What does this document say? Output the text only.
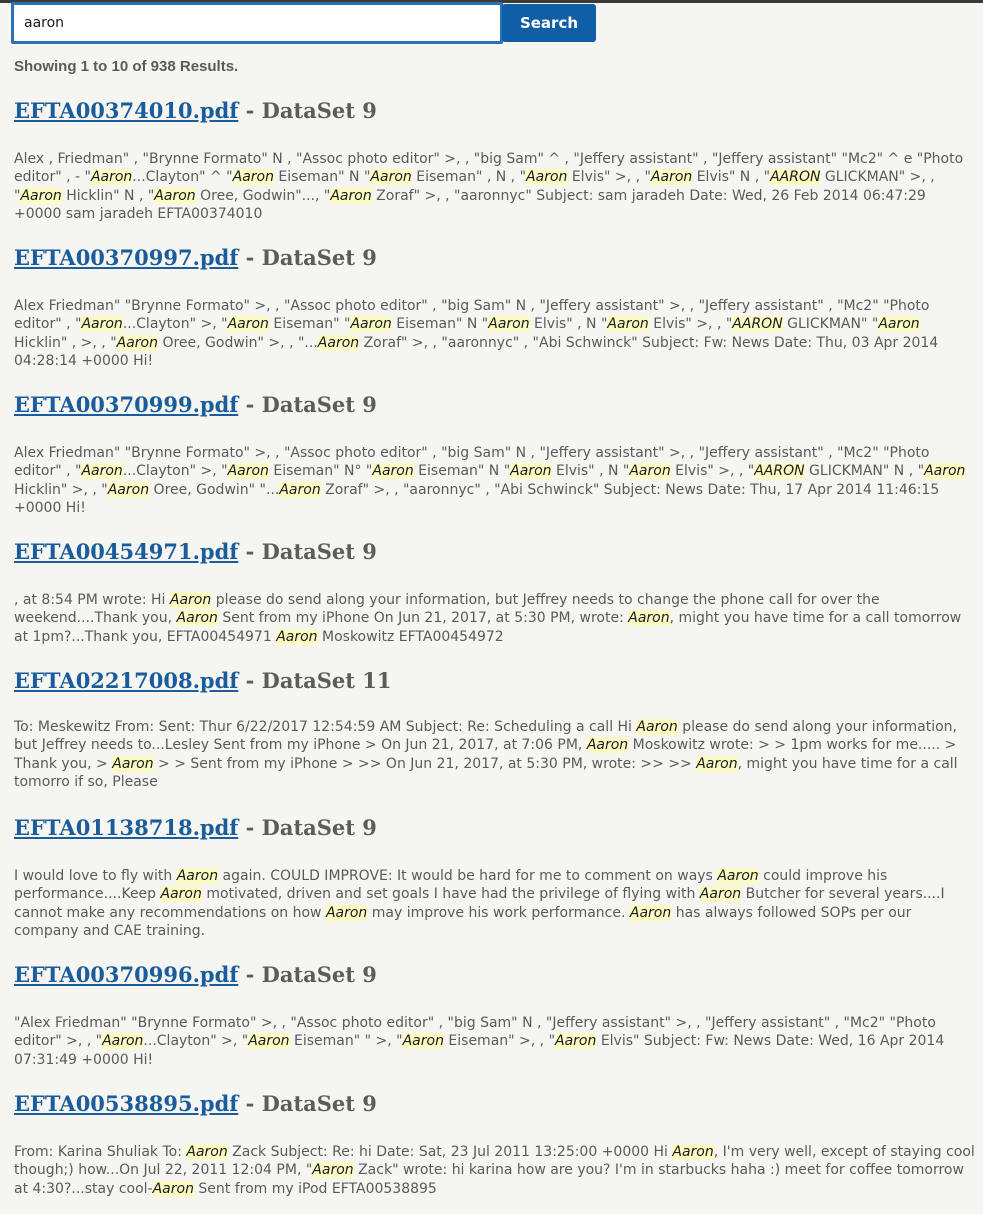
aaron
Search
Showing 1 to 10 of 938 Results.
EFTA00374010.pdf - DataSet 9

Alex , Friedman" , "Brynne Formato" N , "Assoc photo editor" >, , "big Sam" ^ , "Jeffery assistant" , "Jeffery assistant" "Mc2" ^ e "Photo editor" , - "Aaron...Clayton" ^ "Aaron Eiseman" N "Aaron Eiseman" , N , "Aaron Elvis" >, , "Aaron Elvis" N , "AARON GLICKMAN" >, , "Aaron Hicklin" N , "Aaron Oree, Godwin"..., "Aaron Zoraf" >, , "aaronnyc" Subject: sam jaradeh Date: Wed, 26 Feb 2014 06:47:29 +0000 sam jaradeh EFTA00374010

EFTA00370997.pdf - DataSet 9

Alex Friedman" "Brynne Formato" >, , "Assoc photo editor" , "big Sam" N , "Jeffery assistant" >, , "Jeffery assistant" , "Mc2" "Photo editor" , "Aaron...Clayton" >, "Aaron Eiseman" "Aaron Eiseman" N "Aaron Elvis" , N "Aaron Elvis" >, , "AARON GLICKMAN" "Aaron Hicklin" , >, , "Aaron Oree, Godwin" >, , "...Aaron Zoraf" >, , "aaronnyc" , "Abi Schwinck" Subject: Fw: News Date: Thu, 03 Apr 2014 04:28:14 +0000 Hi!

EFTA00370999.pdf - DataSet 9

Alex Friedman" "Brynne Formato" >, , "Assoc photo editor" , "big Sam" N , "Jeffery assistant" >, , "Jeffery assistant" , "Mc2" "Photo editor" , "Aaron...Clayton" >, "Aaron Eiseman" N° "Aaron Eiseman" N "Aaron Elvis" , N "Aaron Elvis" >, , "AARON GLICKMAN" N , "Aaron Hicklin" >, , "Aaron Oree, Godwin" "...Aaron Zoraf" >, , "aaronnyc" , "Abi Schwinck" Subject: News Date: Thu, 17 Apr 2014 11:46:15 +0000 Hi!

EFTA00454971.pdf - DataSet 9

, at 8:54 PM wrote: Hi Aaron please do send along your information, but Jeffrey needs to change the phone call for over the weekend....Thank you, Aaron Sent from my iPhone On Jun 21, 2017, at 5:30 PM, wrote: Aaron, might you have time for a call tomorrow at 1pm?...Thank you, EFTA00454971 Aaron Moskowitz EFTA00454972

EFTA02217008.pdf - DataSet 11

To: Meskewitz From: Sent: Thur 6/22/2017 12:54:59 AM Subject: Re: Scheduling a call Hi Aaron please do send along your information, but Jeffrey needs to...Lesley Sent from my iPhone > On Jun 21, 2017, at 7:06 PM, Aaron Moskowitz wrote: > > 1pm works for me..... > Thank you, > Aaron > > Sent from my iPhone > >> On Jun 21, 2017, at 5:30 PM, wrote: >> >> Aaron, might you have time for a call tomorro if so, Please

EFTA01138718.pdf - DataSet 9

I would love to fly with Aaron again. COULD IMPROVE: It would be hard for me to comment on ways Aaron could improve his performance....Keep Aaron motivated, driven and set goals I have had the privilege of flying with Aaron Butcher for several years....I cannot make any recommendations on how Aaron may improve his work performance. Aaron has always followed SOPs per our company and CAE training.

EFTA00370996.pdf - DataSet 9

"Alex Friedman" "Brynne Formato" >, , "Assoc photo editor" , "big Sam" N , "Jeffery assistant" >, , "Jeffery assistant" , "Mc2" "Photo editor" >, , "Aaron...Clayton" >, "Aaron Eiseman" " >, "Aaron Eiseman" >, , "Aaron Elvis" Subject: Fw: News Date: Wed, 16 Apr 2014 07:31:49 +0000 Hi!

EFTA00538895.pdf - DataSet 9

From: Karina Shuliak To: Aaron Zack Subject: Re: hi Date: Sat, 23 Jul 2011 13:25:00 +0000 Hi Aaron, I'm very well, except of staying cool though;) how...On Jul 22, 2011 12:04 PM, "Aaron Zack" wrote: hi karina how are you? I'm in starbucks haha :) meet for coffee tomorrow at 4:30?...stay cool-Aaron Sent from my iPod EFTA00538895
